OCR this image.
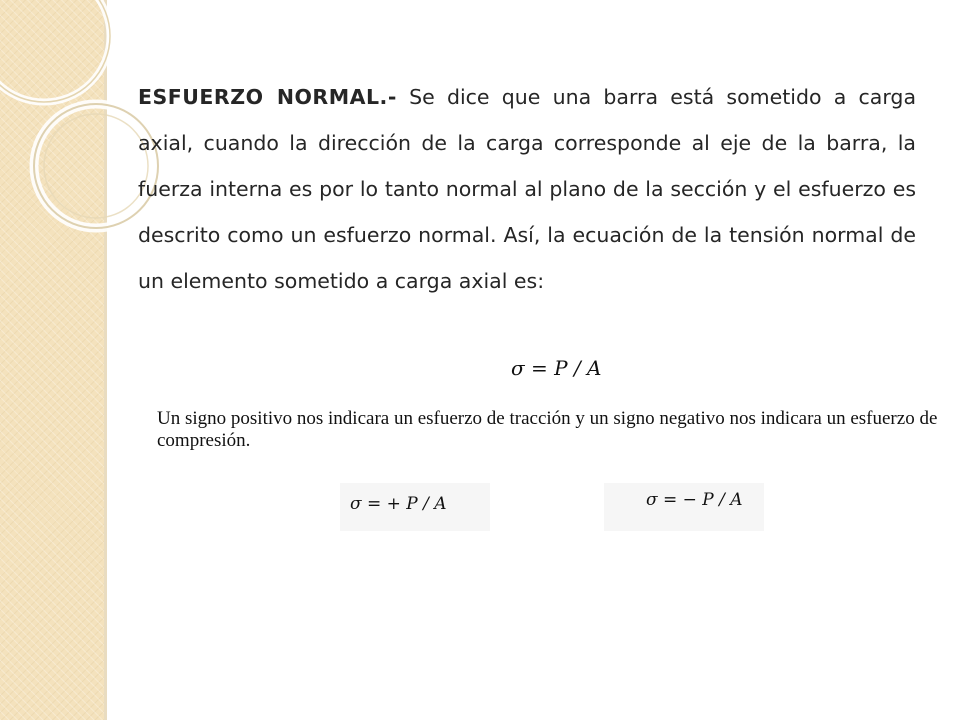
ESFUERZO NORMAL.- Se dice que una barra está sometido a carga axial, cuando la dirección de la carga corresponde al eje de la barra, la fuerza interna es por lo tanto normal al plano de la sección y el esfuerzo es descrito como un esfuerzo normal. Así, la ecuación de la tensión normal de un elemento sometido a carga axial es:

σ = P / A

Un signo positivo nos indicara un esfuerzo de tracción y un signo negativo nos indicara un esfuerzo de compresión.

σ = + P / A	σ = − P / A
